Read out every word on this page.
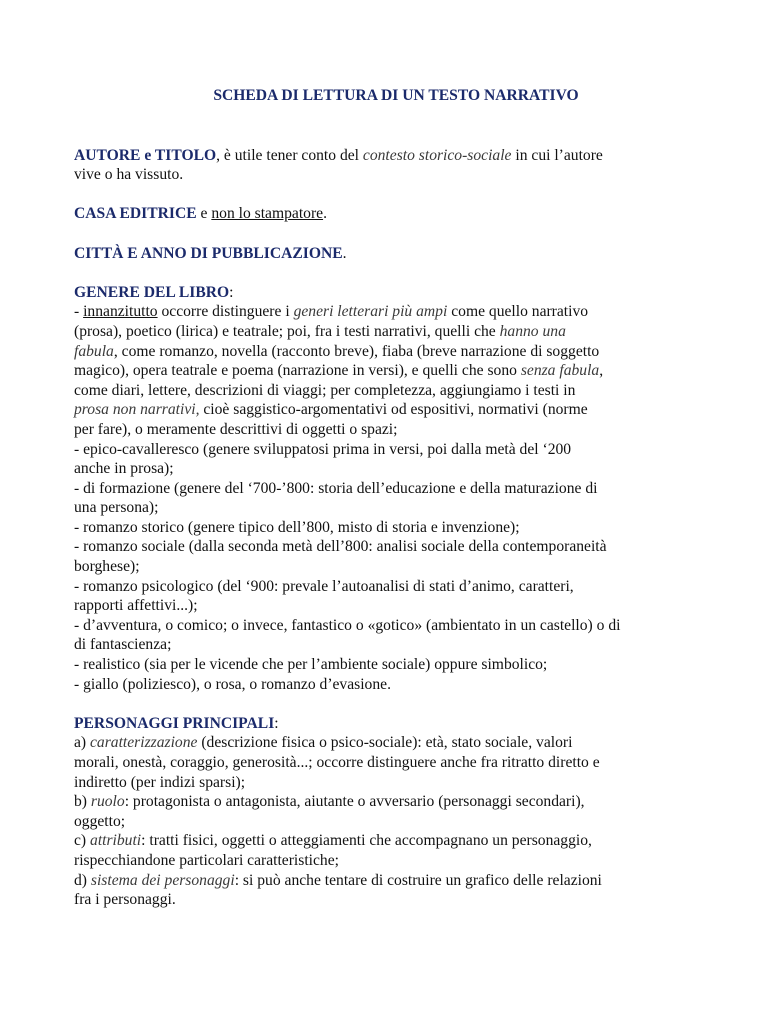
SCHEDA DI LETTURA DI UN TESTO NARRATIVO
AUTORE e TITOLO, è utile tener conto del contesto storico-sociale in cui l’autore
vive o ha vissuto.
CASA EDITRICE e non lo stampatore.
CITTÀ E ANNO DI PUBBLICAZIONE.
GENERE DEL LIBRO:
- innanzitutto occorre distinguere i generi letterari più ampi come quello narrativo
(prosa), poetico (lirica) e teatrale; poi, fra i testi narrativi, quelli che hanno una
fabula, come romanzo, novella (racconto breve), fiaba (breve narrazione di soggetto
magico), opera teatrale e poema (narrazione in versi), e quelli che sono senza fabula,
come diari, lettere, descrizioni di viaggi; per completezza, aggiungiamo i testi in
prosa non narrativi, cioè saggistico-argomentativi od espositivi, normativi (norme
per fare), o meramente descrittivi di oggetti o spazi;
- epico-cavalleresco (genere sviluppatosi prima in versi, poi dalla metà del ‘200
anche in prosa);
- di formazione (genere del ‘700-’800: storia dell’educazione e della maturazione di
una persona);
- romanzo storico (genere tipico dell’800, misto di storia e invenzione);
- romanzo sociale (dalla seconda metà dell’800: analisi sociale della contemporaneità
borghese);
- romanzo psicologico (del ‘900: prevale l’autoanalisi di stati d’animo, caratteri,
rapporti affettivi...);
- d’avventura, o comico; o invece, fantastico o «gotico» (ambientato in un castello) o di
di fantascienza;
- realistico (sia per le vicende che per l’ambiente sociale) oppure simbolico;
- giallo (poliziesco), o rosa, o romanzo d’evasione.
PERSONAGGI PRINCIPALI:
a) caratterizzazione (descrizione fisica o psico-sociale): età, stato sociale, valori
morali, onestà, coraggio, generosità...; occorre distinguere anche fra ritratto diretto e
indiretto (per indizi sparsi);
b) ruolo: protagonista o antagonista, aiutante o avversario (personaggi secondari),
oggetto;
c) attributi: tratti fisici, oggetti o atteggiamenti che accompagnano un personaggio,
rispecchiandone particolari caratteristiche;
d) sistema dei personaggi: si può anche tentare di costruire un grafico delle relazioni
fra i personaggi.
